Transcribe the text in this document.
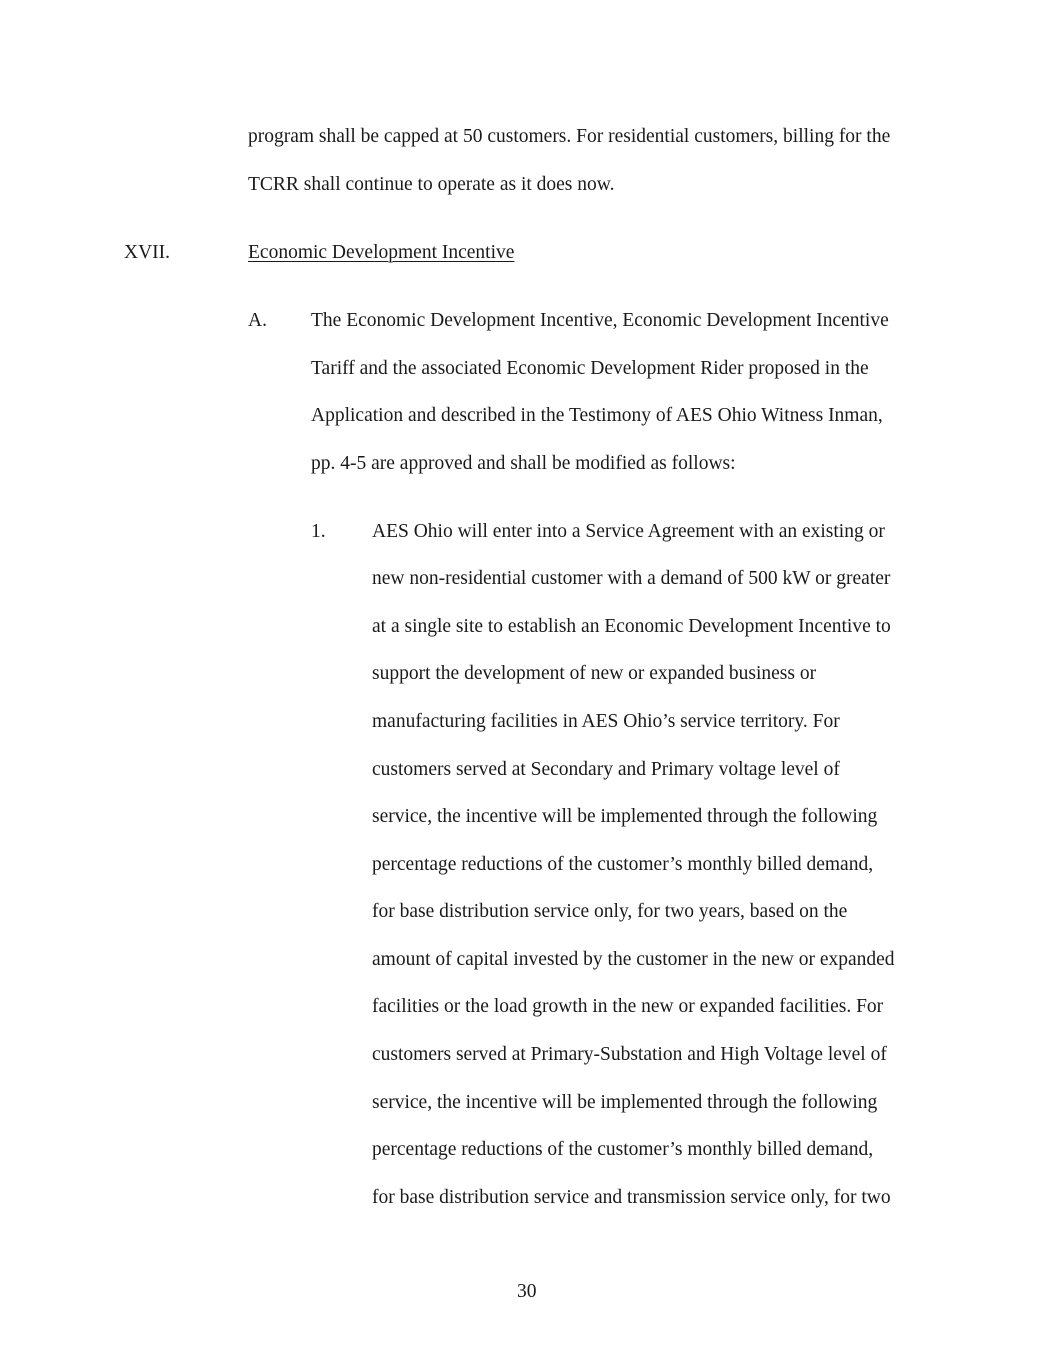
program shall be capped at 50 customers. For residential customers, billing for the
TCRR shall continue to operate as it does now.
XVII.	Economic Development Incentive
A. The Economic Development Incentive, Economic Development Incentive
Tariff and the associated Economic Development Rider proposed in the
Application and described in the Testimony of AES Ohio Witness Inman,
pp. 4-5 are approved and shall be modified as follows:
1. AES Ohio will enter into a Service Agreement with an existing or
new non-residential customer with a demand of 500 kW or greater
at a single site to establish an Economic Development Incentive to
support the development of new or expanded business or
manufacturing facilities in AES Ohio’s service territory. For
customers served at Secondary and Primary voltage level of
service, the incentive will be implemented through the following
percentage reductions of the customer’s monthly billed demand,
for base distribution service only, for two years, based on the
amount of capital invested by the customer in the new or expanded
facilities or the load growth in the new or expanded facilities. For
customers served at Primary-Substation and High Voltage level of
service, the incentive will be implemented through the following
percentage reductions of the customer’s monthly billed demand,
for base distribution service and transmission service only, for two
30
